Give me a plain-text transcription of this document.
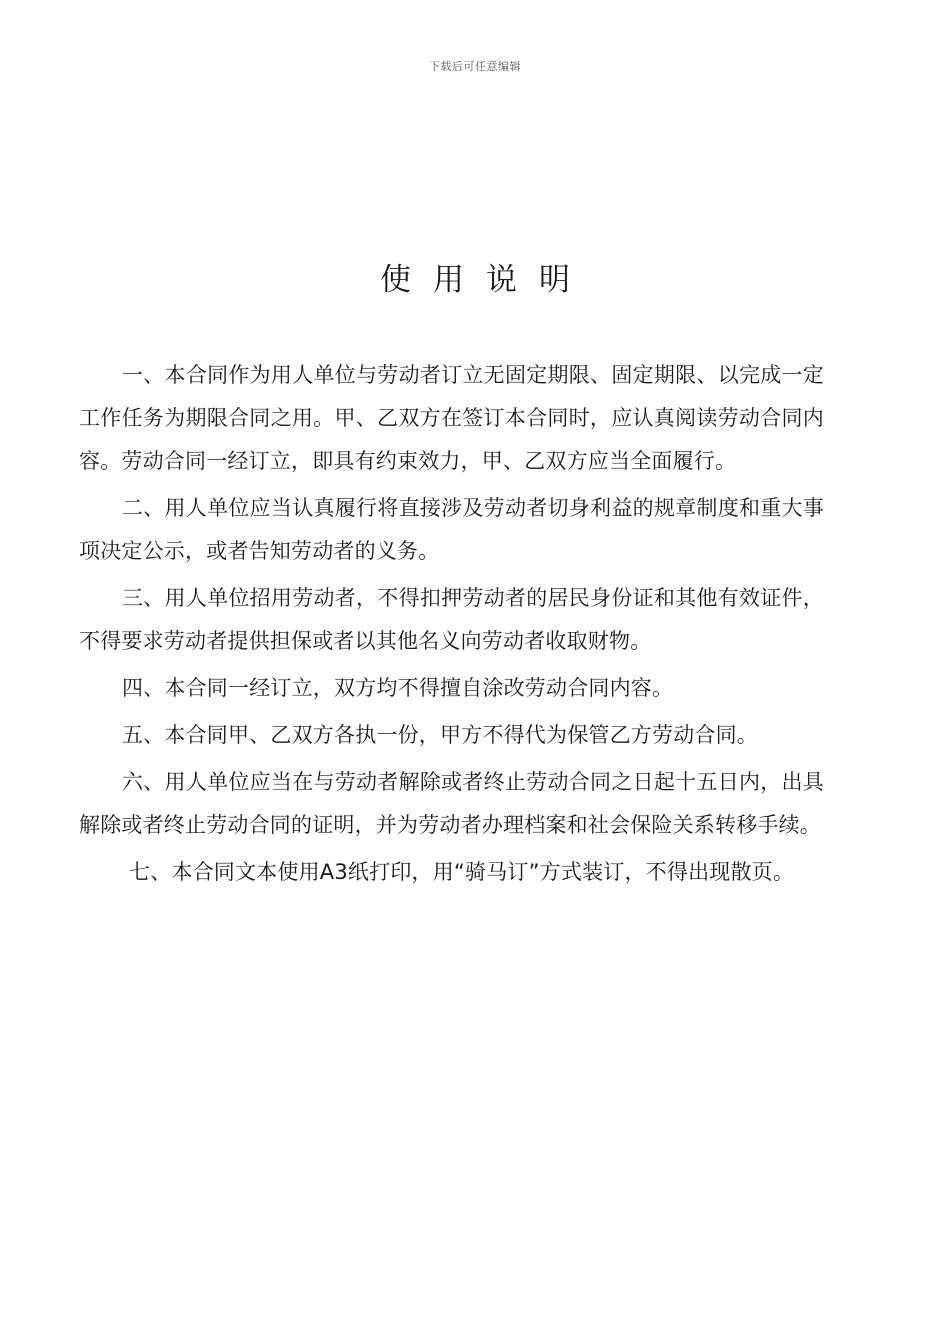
下载后可任意编辑
使用说明

一、本合同作为用人单位与劳动者订立无固定期限、固定期限、以完成一定工作任务为期限合同之用。甲、乙双方在签订本合同时，应认真阅读劳动合同内容。劳动合同一经订立，即具有约束效力，甲、乙双方应当全面履行。

二、用人单位应当认真履行将直接涉及劳动者切身利益的规章制度和重大事项决定公示，或者告知劳动者的义务。

三、用人单位招用劳动者，不得扣押劳动者的居民身份证和其他有效证件，不得要求劳动者提供担保或者以其他名义向劳动者收取财物。

四、本合同一经订立，双方均不得擅自涂改劳动合同内容。

五、本合同甲、乙双方各执一份，甲方不得代为保管乙方劳动合同。

六、用人单位应当在与劳动者解除或者终止劳动合同之日起十五日内，出具解除或者终止劳动合同的证明，并为劳动者办理档案和社会保险关系转移手续。

七、本合同文本使用A3纸打印，用“骑马订”方式装订，不得出现散页。
